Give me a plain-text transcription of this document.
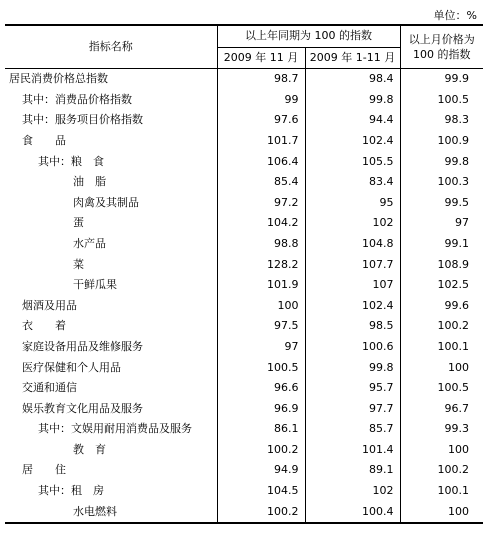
单位：%
指标名称	以上年同期为 100 的指数		以上月价格为
100 的指数

	2009 年 11 月	2009 年 1-11 月	
居民消费价格总指数	98.7	98.4	99.9
其中：消费品价格指数	99	99.8	100.5
其中：服务项目价格指数	97.6	94.4	98.3
食　　品	101.7	102.4	100.9
其中：粮　食	106.4	105.5	99.8
油　脂	85.4	83.4	100.3
肉禽及其制品	97.2	95	99.5
蛋	104.2	102	97
水产品	98.8	104.8	99.1
菜	128.2	107.7	108.9
干鲜瓜果	101.9	107	102.5
烟酒及用品	100	102.4	99.6
衣　　着	97.5	98.5	100.2
家庭设备用品及维修服务	97	100.6	100.1
医疗保健和个人用品	100.5	99.8	100
交通和通信	96.6	95.7	100.5
娱乐教育文化用品及服务	96.9	97.7	96.7
其中：文娱用耐用消费品及服务	86.1	85.7	99.3
教　育	100.2	101.4	100
居　　住	94.9	89.1	100.2
其中：租　房	104.5	102	100.1
水电燃料	100.2	100.4	100
